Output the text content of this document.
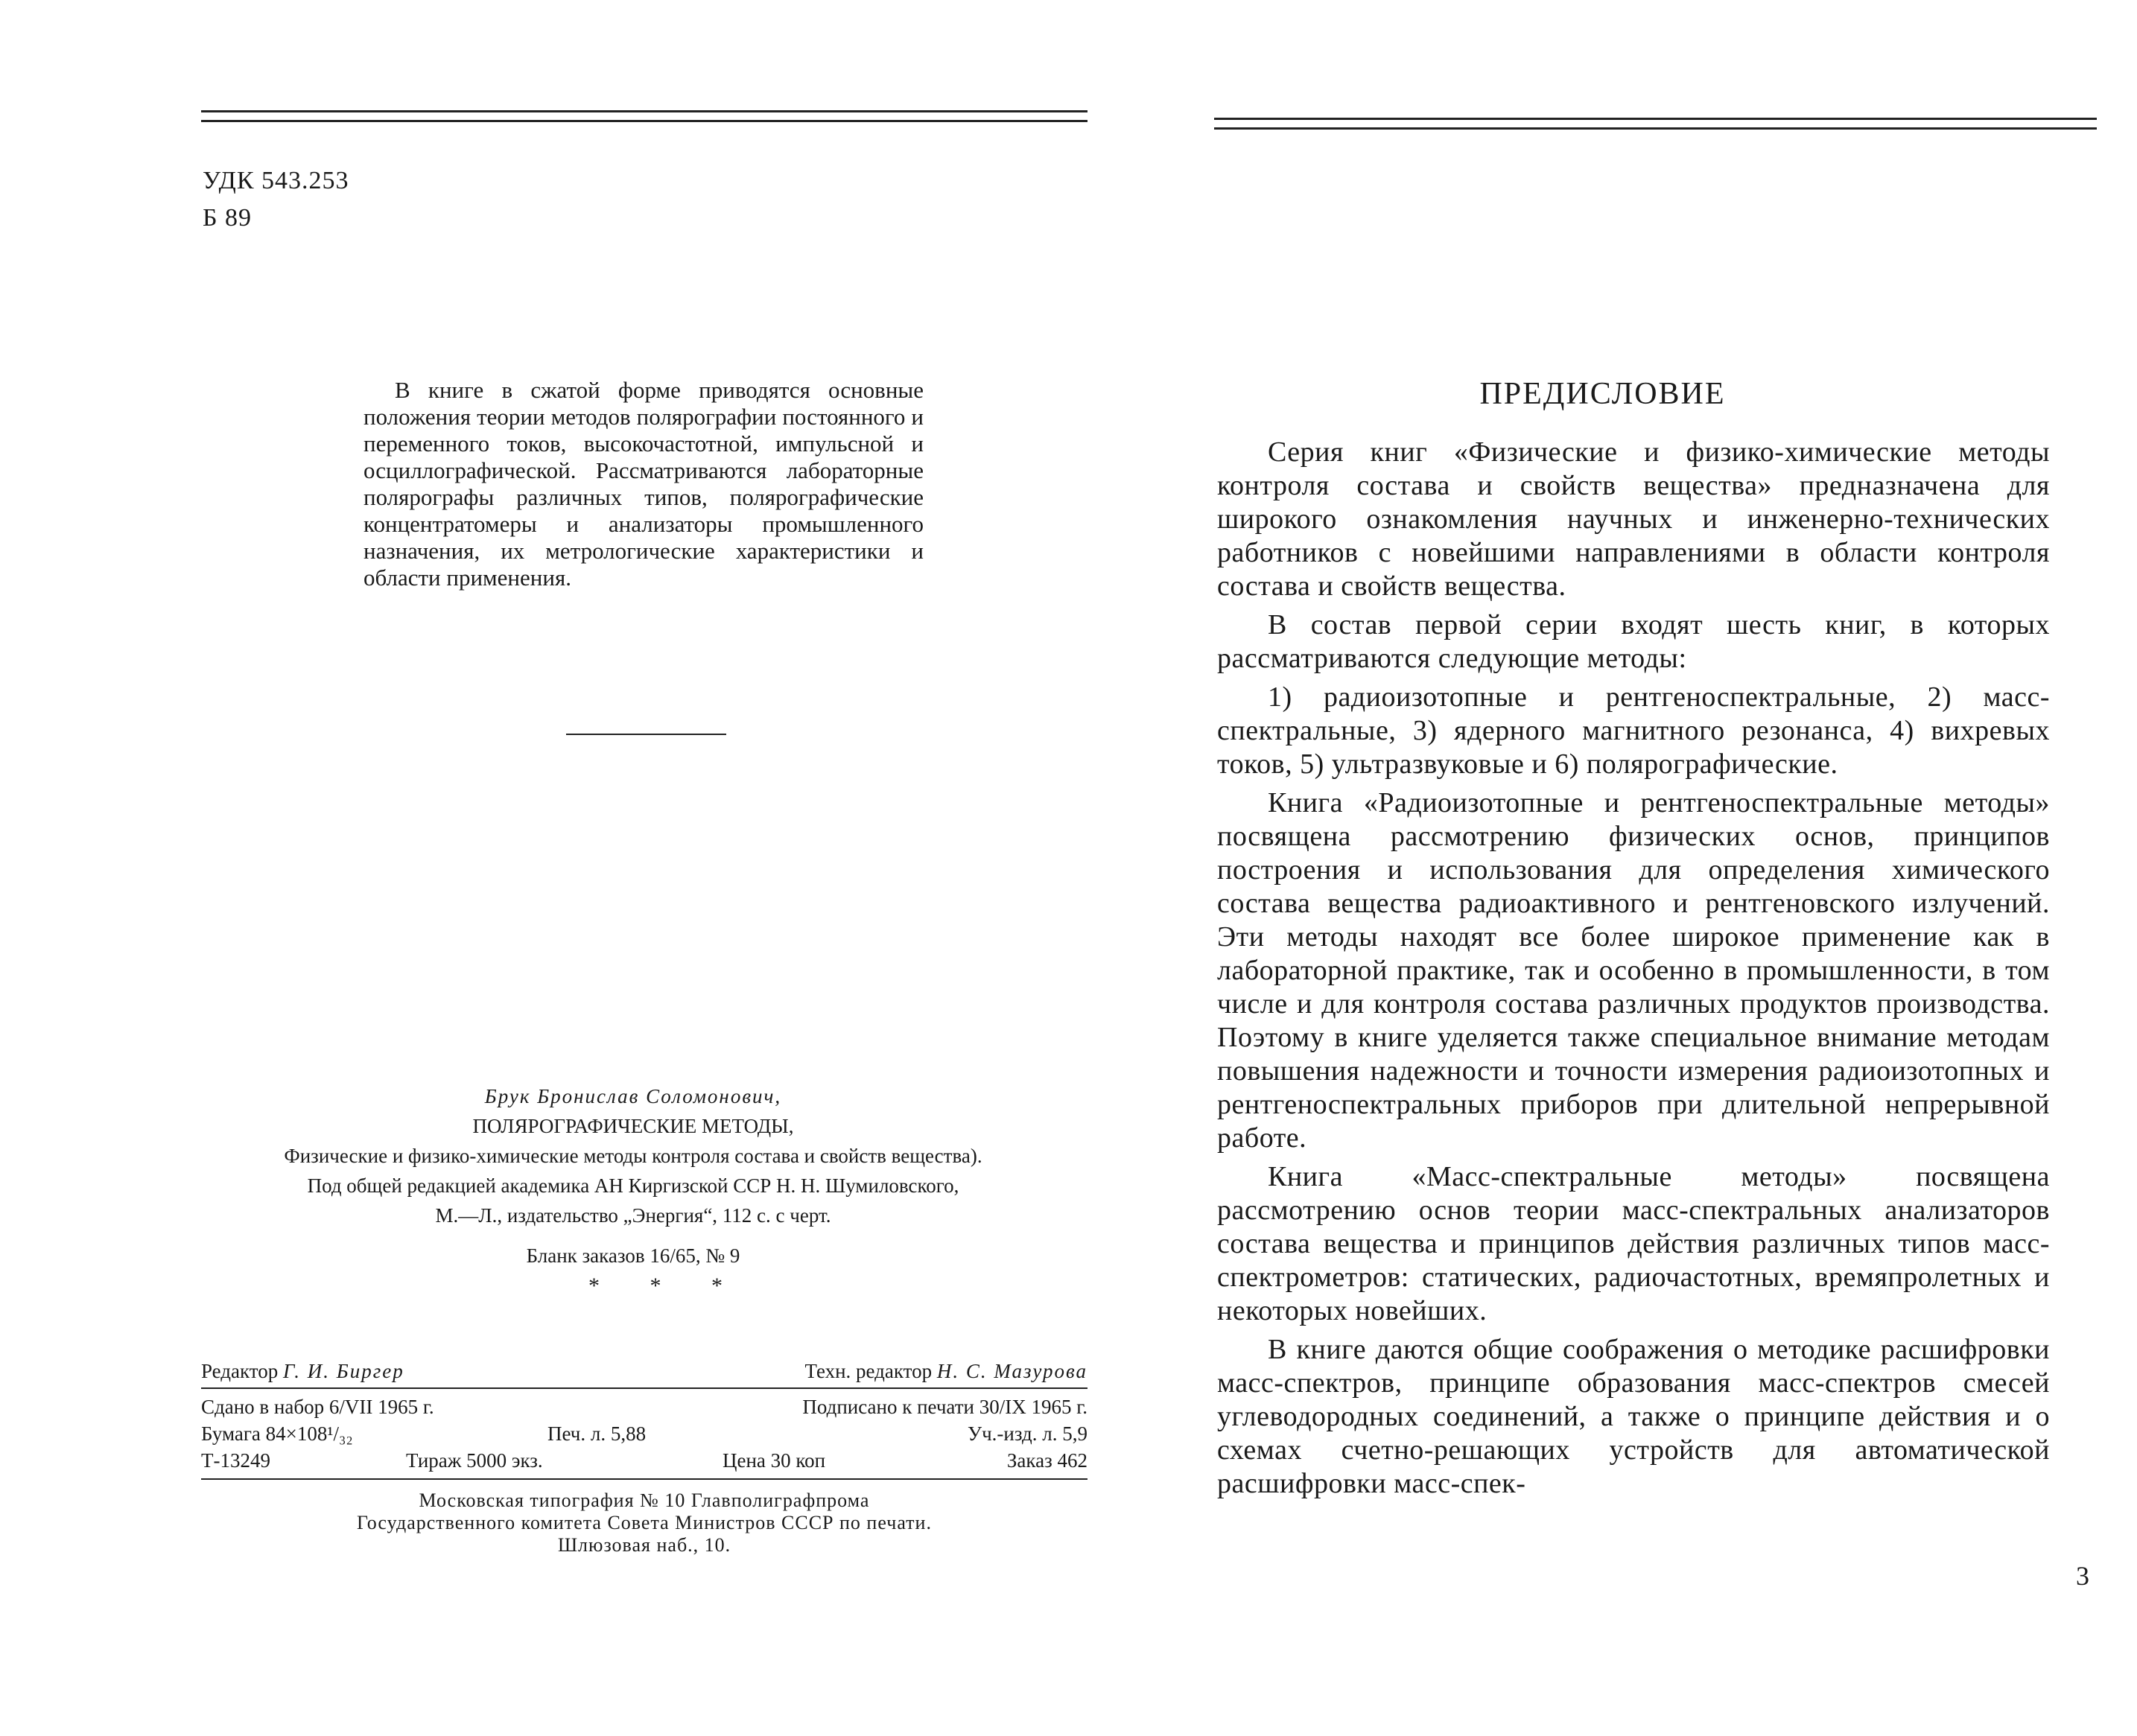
УДК 543.253
Б 89
В книге в сжатой форме приводятся основные положения теории методов полярографии постоянного и переменного токов, высокочастотной, импульсной и осциллографической. Рассматриваются лабораторные полярографы различных типов, полярографические концентратомеры и анализаторы промышленного назначения, их метрологические характеристики и области применения.
Брук Бронислав Соломонович,
ПОЛЯРОГРАФИЧЕСКИЕ МЕТОДЫ,
Физические и физико-химические методы контроля состава и свойств вещества).
Под общей редакцией академика АН Киргизской ССР Н. Н. Шумиловского,
М.—Л., издательство „Энергия“, 112 с. с черт.
Бланк заказов 16/65, № 9
* * *
Редактор Г. И. Биргер	Техн. редактор Н. С. Мазурова
Сдано в набор 6/VII 1965 г.	Подписано к печати 30/IX 1965 г.
Бумага 84×108¹/₃₂	Печ. л. 5,88	Уч.-изд. л. 5,9
Т-13249	Тираж 5000 экз.	Цена 30 коп	Заказ 462
Московская типография № 10 Главполиграфпрома
Государственного комитета Совета Министров СССР по печати.
Шлюзовая наб., 10.
ПРЕДИСЛОВИЕ

Серия книг «Физические и физико-химические методы контроля состава и свойств вещества» предназначена для широкого ознакомления научных и инженерно-технических работников с новейшими направлениями в области контроля состава и свойств вещества.

В состав первой серии входят шесть книг, в которых рассматриваются следующие методы:

1) радиоизотопные и рентгеноспектральные, 2) масс-спектральные, 3) ядерного магнитного резонанса, 4) вихревых токов, 5) ультразвуковые и 6) полярографические.

Книга «Радиоизотопные и рентгеноспектральные методы» посвящена рассмотрению физических основ, принципов построения и использования для определения химического состава вещества радиоактивного и рентгеновского излучений. Эти методы находят все более широкое применение как в лабораторной практике, так и особенно в промышленности, в том числе и для контроля состава различных продуктов производства. Поэтому в книге уделяется также специальное внимание методам повышения надежности и точности измерения радиоизотопных и рентгеноспектральных приборов при длительной непрерывной работе.

Книга «Масс-спектральные методы» посвящена рассмотрению основ теории масс-спектральных анализаторов состава вещества и принципов действия различных типов масс-спектрометров: статических, радиочастотных, времяпролетных и некоторых новейших.

В книге даются общие соображения о методике расшифровки масс-спектров, принципе образования масс-спектров смесей углеводородных соединений, а также о принципе действия и о схемах счетно-решающих устройств для автоматической расшифровки масс-спек-

3
